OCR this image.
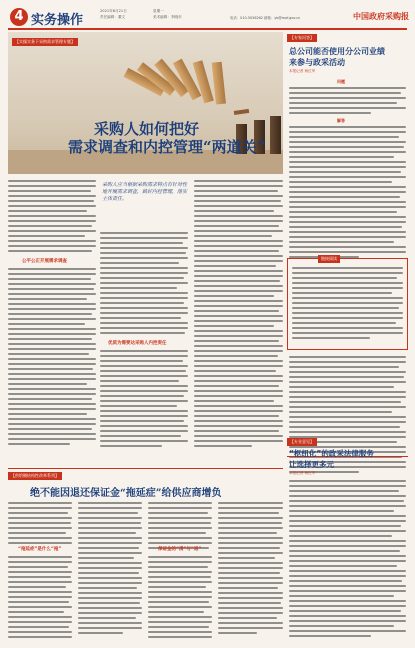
4 实务操作
2021年6月21日
责任编辑：董文
星期一
美术编辑：李晓东	电话：010-5036262 邮箱：yb@mof.gov.cn	中国政府采购报
【实操实务下采购需求管理专题】
采购人如何把好
需求调查和内控管理“两道关”
【专家问答】
总公司能否使用分公司业绩
来参与政采活动
本报记者 杨红军
问题
解答
链接阅读
公平公正开展需求调查
采购人应当根据采购需求特点有针对性地开展需求调查，做好内控管理，落实主体责任。
优质为需要达采购人内控责任
【供给侧结构性改革系列】
绝不能因退还保证金“拖延症”给供应商增负
“拖延症”是什么“拖”	保证金的“清”与“退”
【专业意见】
“枢纽化”的政采法律服务
让选择更多元
本报记者 杨红军
